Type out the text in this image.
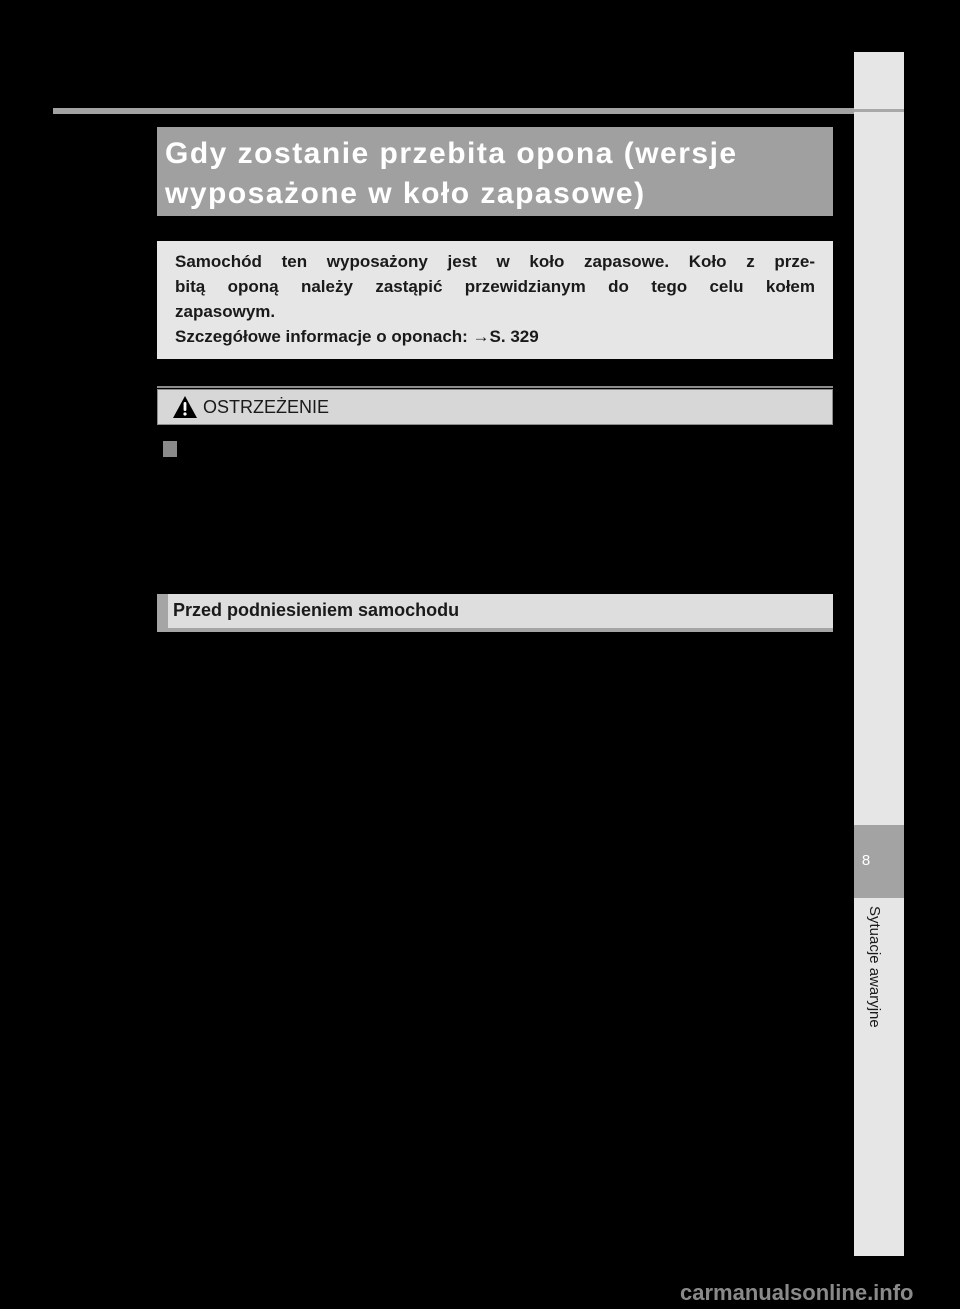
8
Sytuacje awaryjne
Gdy zostanie przebita opona (wersje
wyposażone w koło zapasowe)
Samochód ten wyposażony jest w koło zapasowe. Koło z prze-
bitą oponą należy zastąpić przewidzianym do tego celu kołem
zapasowym.
Szczegółowe informacje o oponach: →S. 329
OSTRZEŻENIE
Przed podniesieniem samochodu
carmanualsonline.info
